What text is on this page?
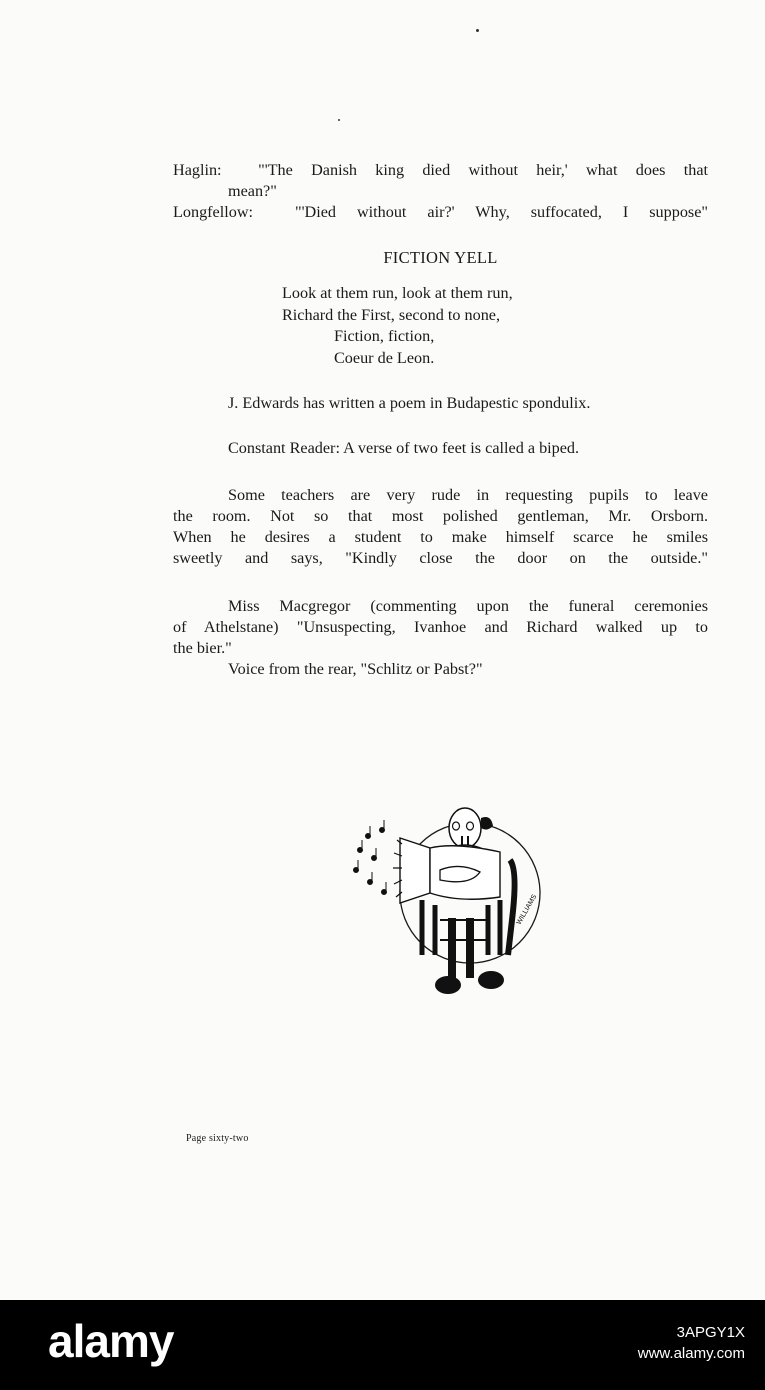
Haglin: "'The Danish king died without heir,' what does that
mean?"
Longfellow:	"'Died without air?' Why, suffocated, I suppose"
FICTION YELL
Look at them run, look at them run,
Richard the First, second to none,
Fiction, fiction,
Coeur de Leon.
J. Edwards has written a poem in Budapestic spondulix.
Constant Reader: A verse of two feet is called a biped.
Some teachers are very rude in requesting pupils to leave
the room. Not so that most polished gentleman, Mr. Orsborn.
When he desires a student to make himself scarce he smiles
sweetly and says, "Kindly close the door on the outside."
Miss Macgregor (commenting upon the funeral ceremonies
of Athelstane) "Unsuspecting, Ivanhoe and Richard walked up to
the bier."
Voice from the rear, "Schlitz or Pabst?"
WILLIAMS
Page sixty-two
alamy	3APGY1X
www.alamy.com
